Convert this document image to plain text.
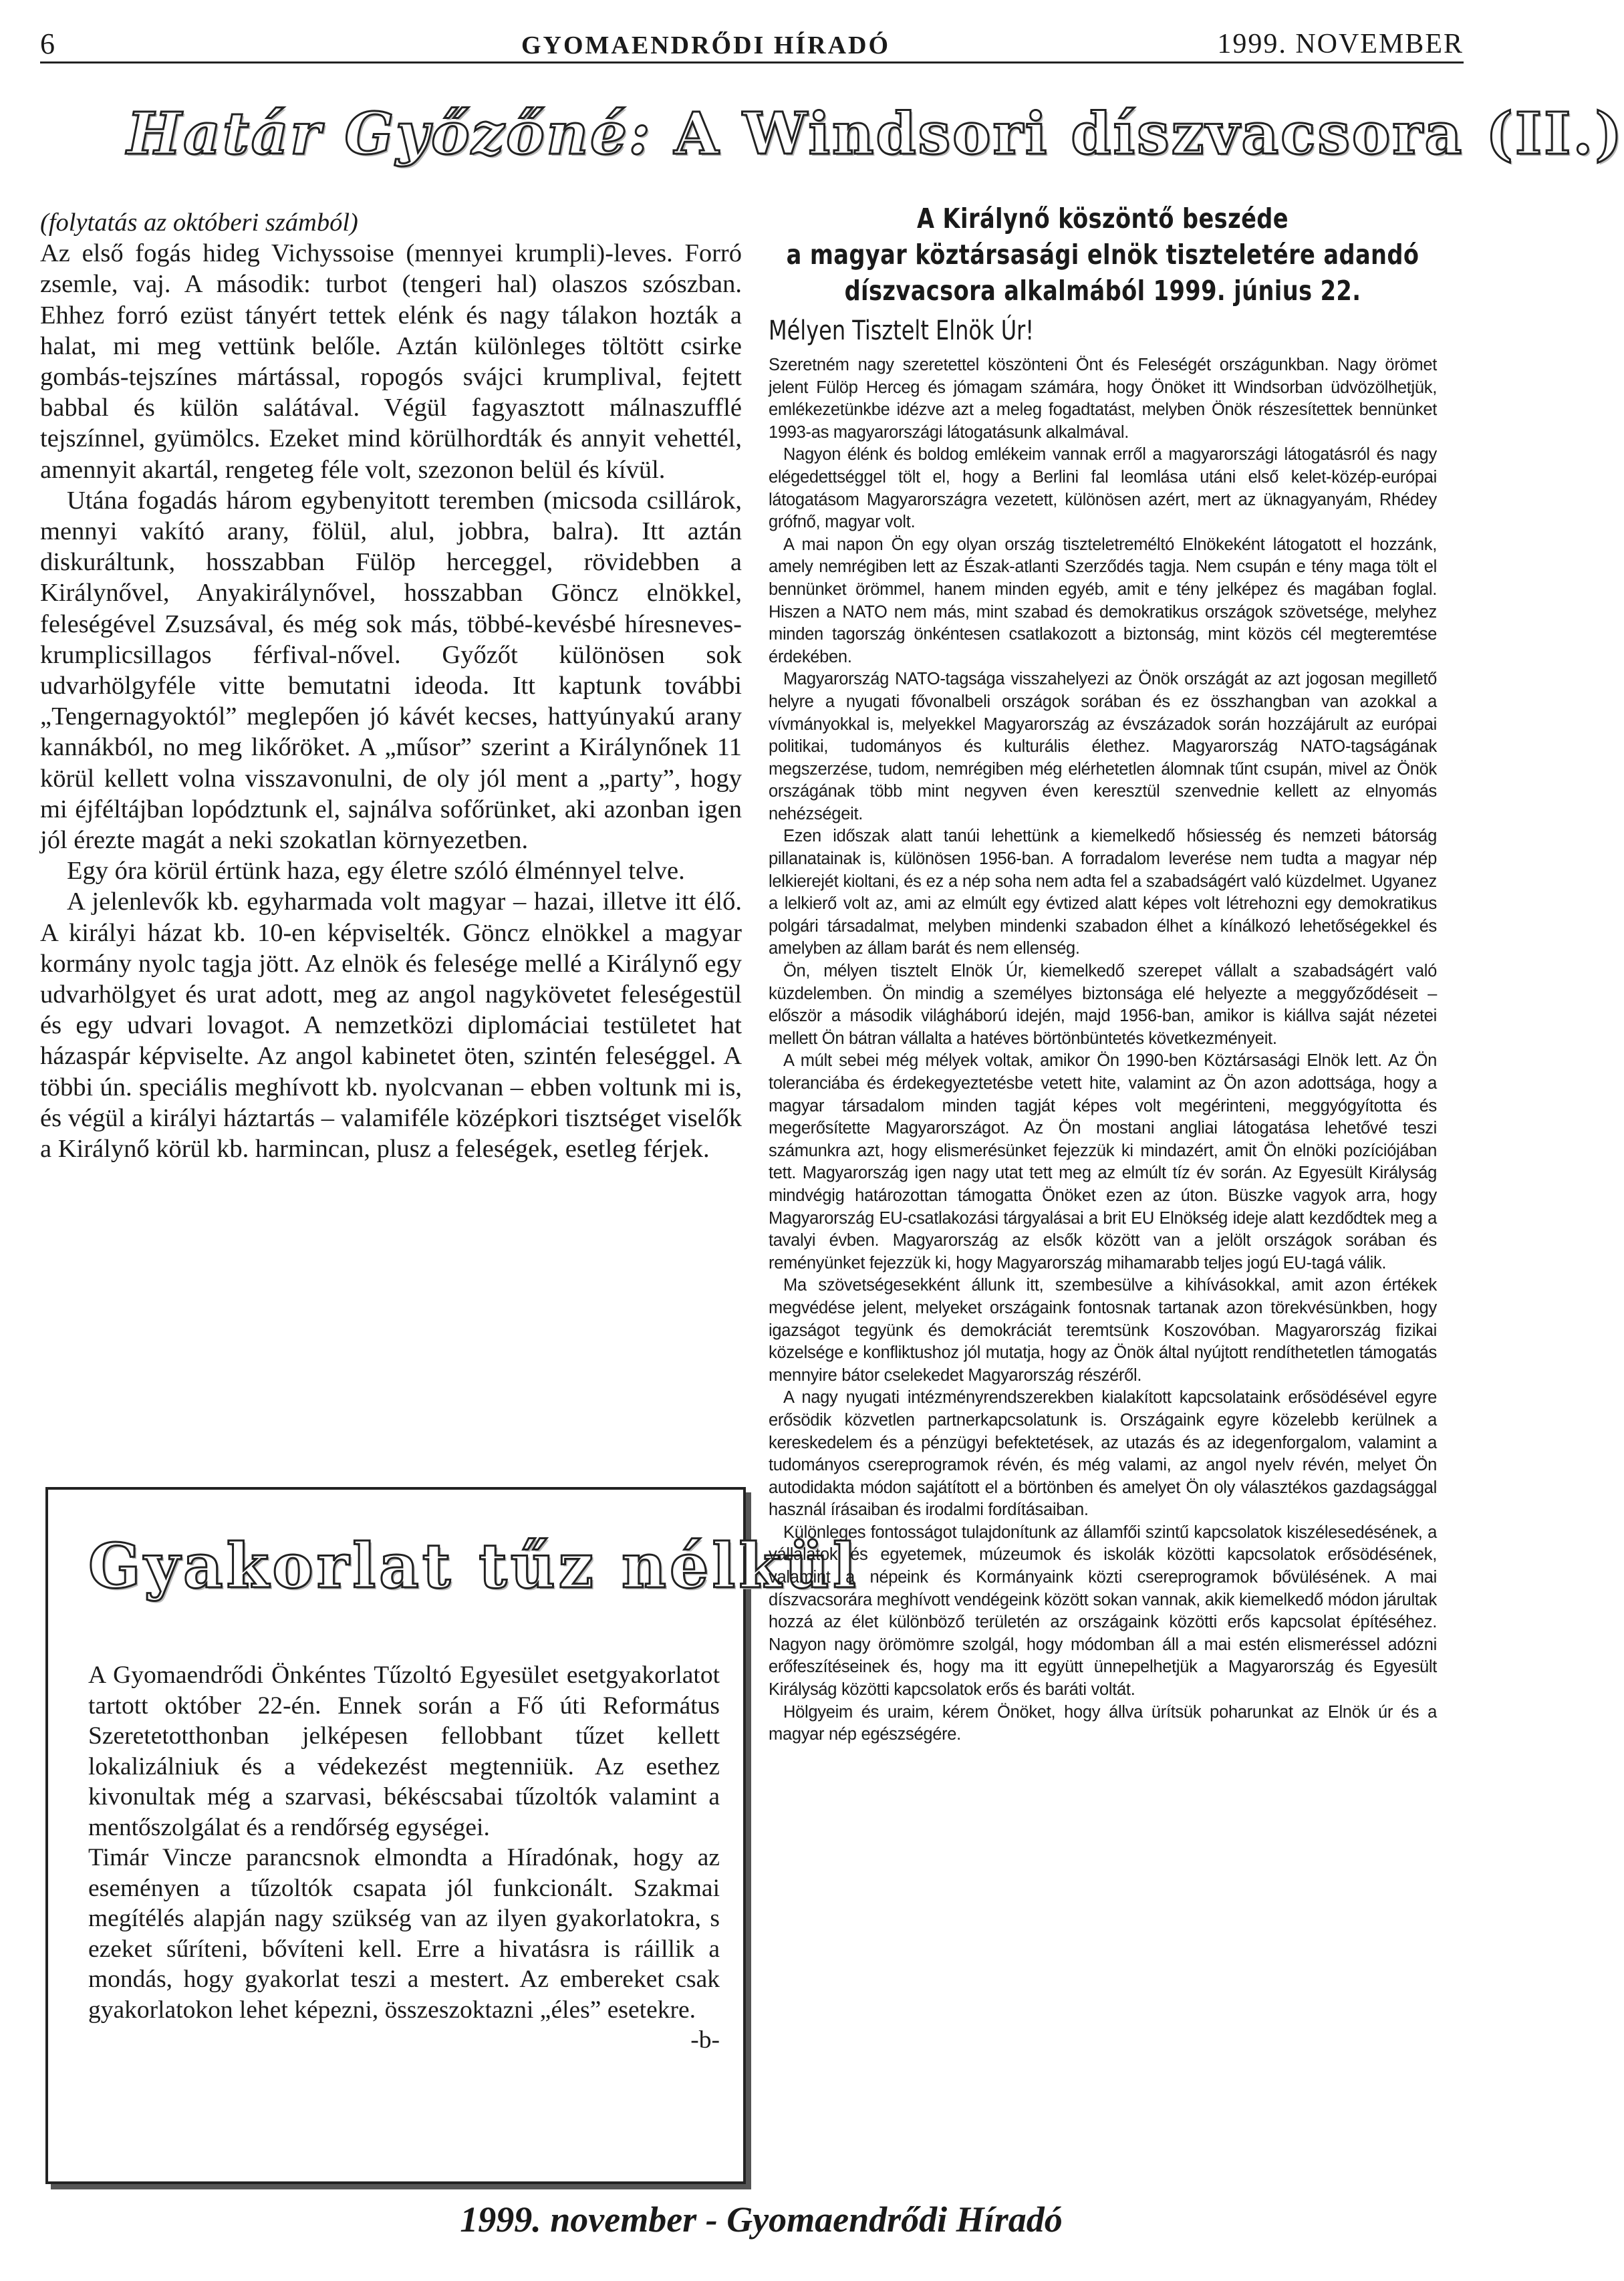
6	GYOMAENDRŐDI HÍRADÓ	1999. NOVEMBER
Határ Győzőné: A Windsori díszvacsora (II.)

(folytatás az októberi számból)

Az első fogás hideg Vichyssoise (mennyei krumpli)-leves. Forró zsemle, vaj. A második: turbot (tengeri hal) olaszos szószban. Ehhez forró ezüst tányért tettek elénk és nagy tálakon hozták a halat, mi meg vettünk belőle. Aztán különleges töltött csirke gombás-tejszínes mártással, ropogós svájci krumplival, fejtett babbal és külön salátával. Végül fagyasztott málnaszufflé tejszínnel, gyümölcs. Ezeket mind körülhordták és annyit vehettél, amennyit akartál, rengeteg féle volt, szezonon belül és kívül.

Utána fogadás három egybenyitott teremben (micsoda csillárok, mennyi vakító arany, fölül, alul, jobbra, balra). Itt aztán diskuráltunk, hosszabban Fülöp herceggel, rövidebben a Királynővel, Anyakirálynővel, hosszabban Göncz elnökkel, feleségével Zsuzsával, és még sok más, többé-kevésbé híresneves-krumplicsillagos férfival-nővel. Győzőt különösen sok udvarhölgyféle vitte bemutatni ideoda. Itt kaptunk további „Tengernagyoktól” meglepően jó kávét kecses, hattyúnyakú arany kannákból, no meg likőröket. A „műsor” szerint a Királynőnek 11 körül kellett volna visszavonulni, de oly jól ment a „party”, hogy mi éjféltájban lopództunk el, sajnálva sofőrünket, aki azonban igen jól érezte magát a neki szokatlan környezetben.

Egy óra körül értünk haza, egy életre szóló élménnyel telve.

A jelenlevők kb. egyharmada volt magyar – hazai, illetve itt élő. A királyi házat kb. 10-en képviselték. Göncz elnökkel a magyar kormány nyolc tagja jött. Az elnök és felesége mellé a Királynő egy udvarhölgyet és urat adott, meg az angol nagykövetet feleségestül és egy udvari lovagot. A nemzetközi diplomáciai testületet hat házaspár képviselte. Az angol kabinetet öten, szintén feleséggel. A többi ún. speciális meghívott kb. nyolcvanan – ebben voltunk mi is, és végül a királyi háztartás – valamiféle középkori tisztséget viselők a Királynő körül kb. harmincan, plusz a feleségek, esetleg férjek.

Gyakorlat tűz nélkül

A Gyomaendrődi Önkéntes Tűzoltó Egyesület esetgyakorlatot tartott október 22-én. Ennek során a Fő úti Református Szeretetotthonban jelképesen fellobbant tűzet kellett lokalizálniuk és a védekezést megtenniük. Az esethez kivonultak még a szarvasi, békéscsabai tűzoltók valamint a mentőszolgálat és a rendőrség egységei.

Timár Vincze parancsnok elmondta a Híradónak, hogy az eseményen a tűzoltók csapata jól funkcionált. Szakmai megítélés alapján nagy szükség van az ilyen gyakorlatokra, s ezeket sűríteni, bővíteni kell. Erre a hivatásra is ráillik a mondás, hogy gyakorlat teszi a mestert. Az embereket csak gyakorlatokon lehet képezni, összeszoktazni „éles” esetekre.

-b-

A Királynő köszöntő beszéde
a magyar köztársasági elnök tiszteletére adandó
díszvacsora alkalmából 1999. június 22.
Mélyen Tisztelt Elnök Úr!

Szeretném nagy szeretettel köszönteni Önt és Feleségét országunkban. Nagy örömet jelent Fülöp Herceg és jómagam számára, hogy Önöket itt Windsorban üdvözölhetjük, emlékezetünkbe idézve azt a meleg fogadtatást, melyben Önök részesítettek bennünket 1993-as magyarországi látogatásunk alkalmával.

Nagyon élénk és boldog emlékeim vannak erről a magyarországi látogatásról és nagy elégedettséggel tölt el, hogy a Berlini fal leomlása utáni első kelet-közép-európai látogatásom Magyarországra vezetett, különösen azért, mert az üknagyanyám, Rhédey grófnő, magyar volt.

A mai napon Ön egy olyan ország tiszteletreméltó Elnökeként látogatott el hozzánk, amely nemrégiben lett az Észak-atlanti Szerződés tagja. Nem csupán e tény maga tölt el bennünket örömmel, hanem minden egyéb, amit e tény jelképez és magában foglal. Hiszen a NATO nem más, mint szabad és demokratikus országok szövetsége, melyhez minden tagország önkéntesen csatlakozott a biztonság, mint közös cél megteremtése érdekében.

Magyarország NATO-tagsága visszahelyezi az Önök országát az azt jogosan megillető helyre a nyugati fővonalbeli országok sorában és ez összhangban van azokkal a vívmányokkal is, melyekkel Magyarország az évszázadok során hozzájárult az európai politikai, tudományos és kulturális élethez. Magyarország NATO-tagságának megszerzése, tudom, nemrégiben még elérhetetlen álomnak tűnt csupán, mivel az Önök országának több mint negyven éven keresztül szenvednie kellett az elnyomás nehézségeit.

Ezen időszak alatt tanúi lehettünk a kiemelkedő hősiesség és nemzeti bátorság pillanatainak is, különösen 1956-ban. A forradalom leverése nem tudta a magyar nép lelkierejét kioltani, és ez a nép soha nem adta fel a szabadságért való küzdelmet. Ugyanez a lelkierő volt az, ami az elmúlt egy évtized alatt képes volt létrehozni egy demokratikus polgári társadalmat, melyben mindenki szabadon élhet a kínálkozó lehetőségekkel és amelyben az állam barát és nem ellenség.

Ön, mélyen tisztelt Elnök Úr, kiemelkedő szerepet vállalt a szabadságért való küzdelemben. Ön mindig a személyes biztonsága elé helyezte a meggyőződéseit – először a második világháború idején, majd 1956-ban, amikor is kiállva saját nézetei mellett Ön bátran vállalta a hatéves börtönbüntetés következményeit.

A múlt sebei még mélyek voltak, amikor Ön 1990-ben Köztársasági Elnök lett. Az Ön toleranciába és érdekegyeztetésbe vetett hite, valamint az Ön azon adottsága, hogy a magyar társadalom minden tagját képes volt megérinteni, meggyógyította és megerősítette Magyarországot. Az Ön mostani angliai látogatása lehetővé teszi számunkra azt, hogy elismerésünket fejezzük ki mindazért, amit Ön elnöki pozíciójában tett. Magyarország igen nagy utat tett meg az elmúlt tíz év során. Az Egyesült Királyság mindvégig határozottan támogatta Önöket ezen az úton. Büszke vagyok arra, hogy Magyarország EU-csatlakozási tárgyalásai a brit EU Elnökség ideje alatt kezdődtek meg a tavalyi évben. Magyarország az elsők között van a jelölt országok sorában és reményünket fejezzük ki, hogy Magyarország mihamarabb teljes jogú EU-tagá válik.

Ma szövetségesekként állunk itt, szembesülve a kihívásokkal, amit azon értékek megvédése jelent, melyeket országaink fontosnak tartanak azon törekvésünkben, hogy igazságot tegyünk és demokráciát teremtsünk Koszovóban. Magyarország fizikai közelsége e konfliktushoz jól mutatja, hogy az Önök által nyújtott rendíthetetlen támogatás mennyire bátor cselekedet Magyarország részéről.

A nagy nyugati intézményrendszerekben kialakított kapcsolataink erősödésével egyre erősödik közvetlen partnerkapcsolatunk is. Országaink egyre közelebb kerülnek a kereskedelem és a pénzügyi befektetések, az utazás és az idegenforgalom, valamint a tudományos csereprogramok révén, és még valami, az angol nyelv révén, melyet Ön autodidakta módon sajátított el a börtönben és amelyet Ön oly választékos gazdagsággal használ írásaiban és irodalmi fordításaiban.

Különleges fontosságot tulajdonítunk az államfői szintű kapcsolatok kiszélesedésének, a vállalatok és egyetemek, múzeumok és iskolák közötti kapcsolatok erősödésének, valamint a népeink és Kormányaink közti csereprogramok bővülésének. A mai díszvacsorára meghívott vendégeink között sokan vannak, akik kiemelkedő módon járultak hozzá az élet különböző területén az országaink közötti erős kapcsolat építéséhez. Nagyon nagy örömömre szolgál, hogy módomban áll a mai estén elismeréssel adózni erőfeszítéseinek és, hogy ma itt együtt ünnepelhetjük a Magyarország és Egyesült Királyság közötti kapcsolatok erős és baráti voltát.

Hölgyeim és uraim, kérem Önöket, hogy állva ürítsük poharunkat az Elnök úr és a magyar nép egészségére.

1999. november - Gyomaendrődi Híradó
